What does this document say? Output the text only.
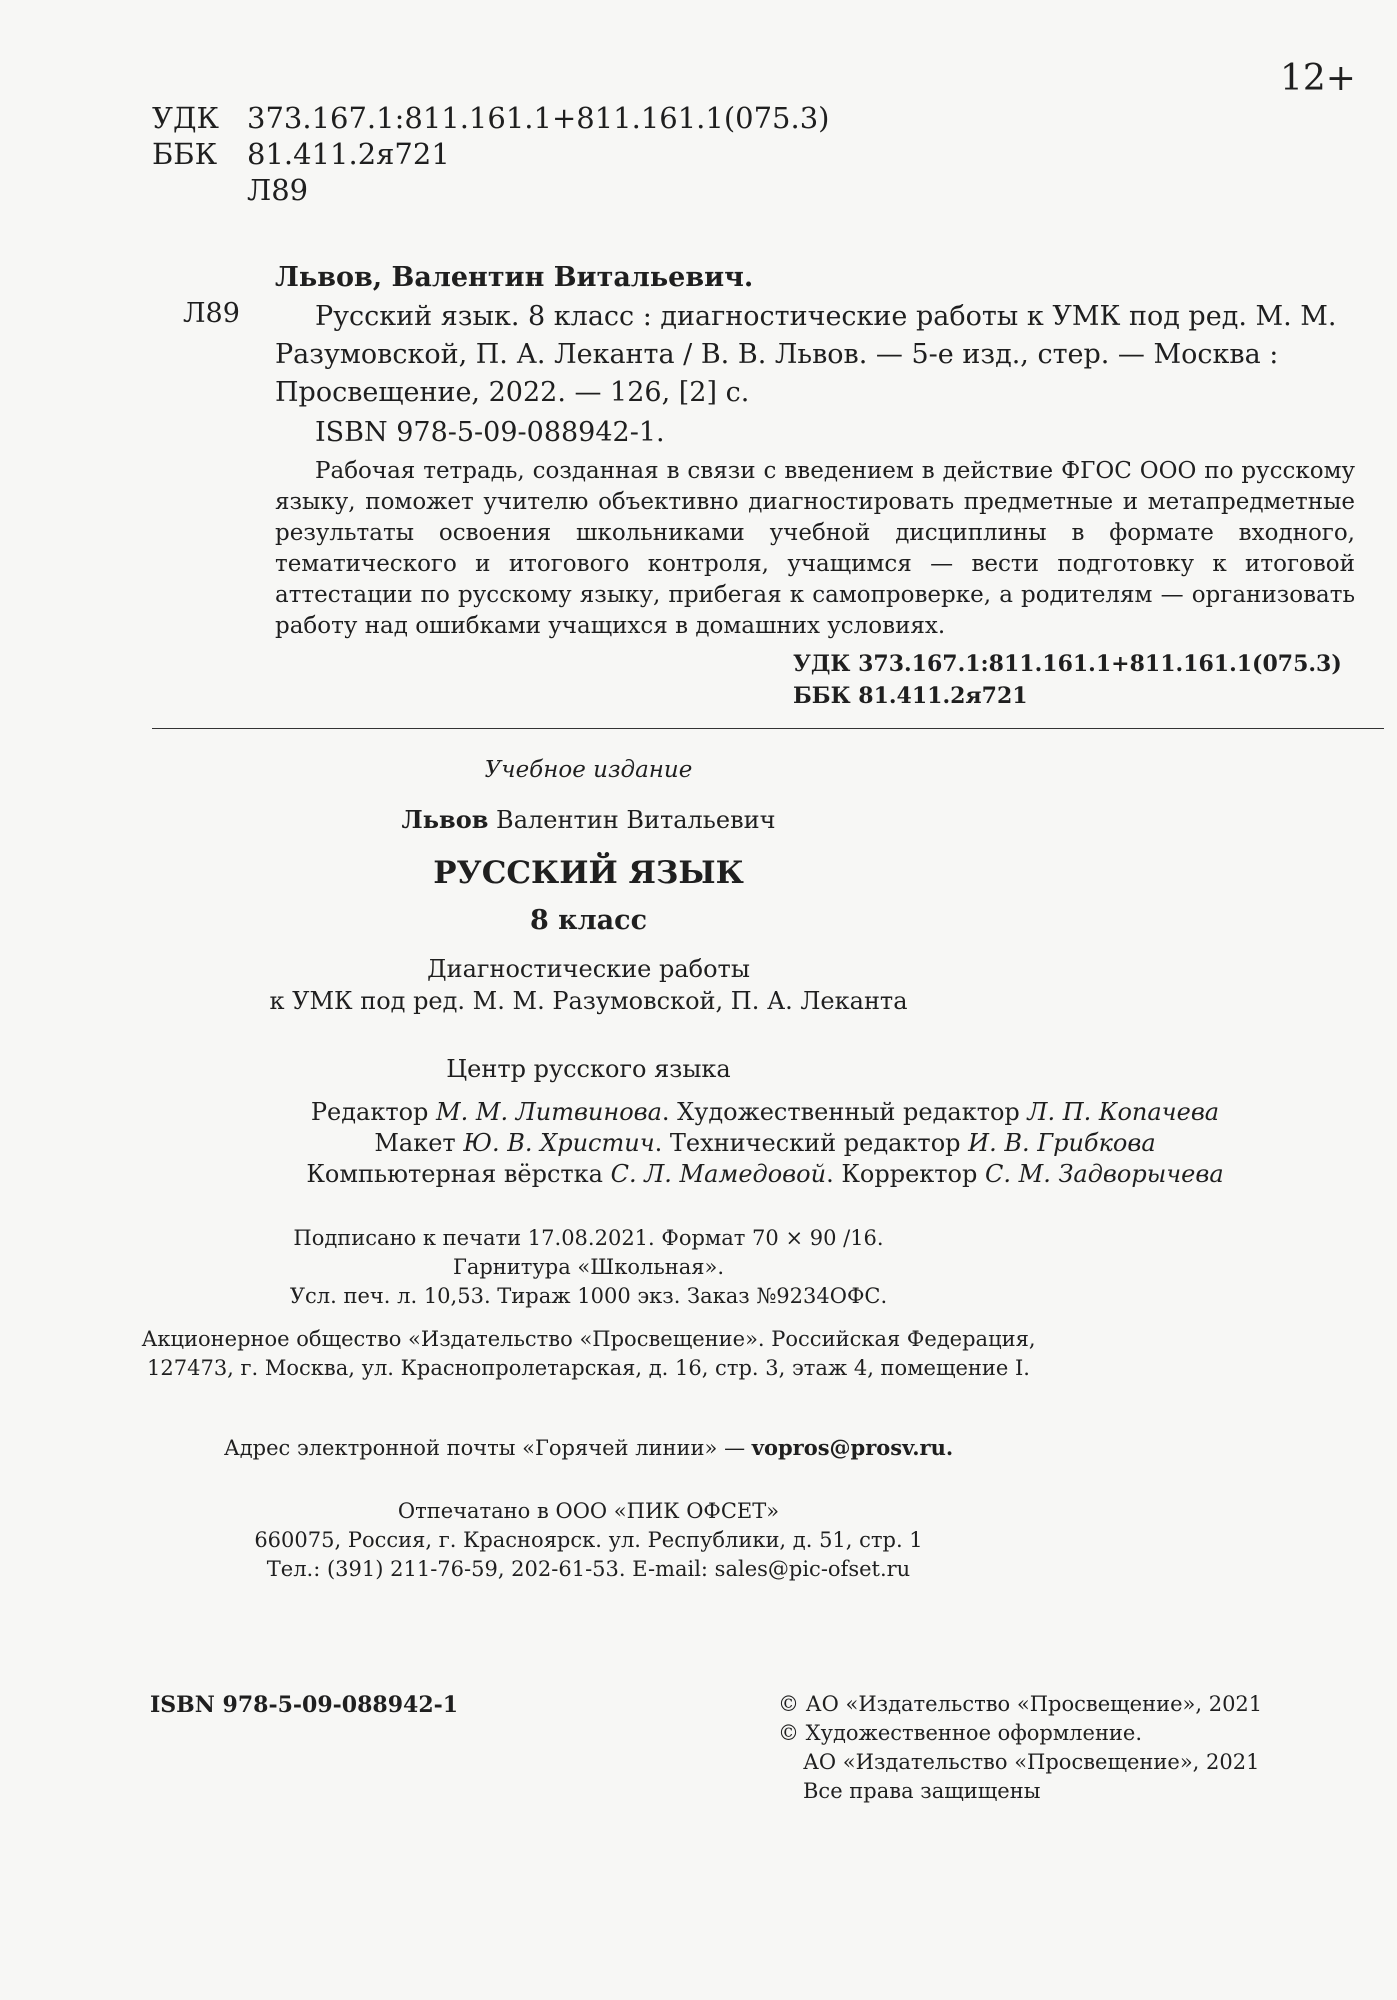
12+
УДК 373.167.1:811.161.1+811.161.1(075.3)
ББК	81.411.2я721
Л89
Львов, Валентин Витальевич.
Л89	Русский язык. 8 класс : диагностические работы к УМК под ред. М. М. Разумовской, П. А. Леканта / В. В. Львов. — 5-е изд., стер. — Москва : Просвещение, 2022. — 126, [2] с.

ISBN 978-5-09-088942-1.

Рабочая тетрадь, созданная в связи с введением в действие ФГОС ООО по русскому языку, поможет учителю объективно диагностировать предметные и метапредметные результаты освоения школьниками учебной дисциплины в формате входного, тематического и итогового контроля, учащимся — вести подготовку к итоговой аттестации по русскому языку, прибегая к самопроверке, а родителям — организовать работу над ошибками учащихся в домашних условиях.

УДК 373.167.1:811.161.1+811.161.1(075.3)
ББК 81.411.2я721
Учебное издание
Львов Валентин Витальевич
РУССКИЙ ЯЗЫК
8 класс
Диагностические работы
к УМК под ред. М. М. Разумовской, П. А. Леканта
Центр русского языка
Редактор М. М. Литвинова. Художественный редактор Л. П. Копачева
Макет Ю. В. Христич. Технический редактор И. В. Грибкова
Компьютерная вёрстка С. Л. Мамедовой. Корректор С. М. Задворычева
Подписано к печати 17.08.2021. Формат 70 × 90 /16.
Гарнитура «Школьная».
Усл. печ. л. 10,53. Тираж 1000 экз. Заказ №9234ОФС.
Акционерное общество «Издательство «Просвещение». Российская Федерация,
127473, г. Москва, ул. Краснопролетарская, д. 16, стр. 3, этаж 4, помещение I.
Адрес электронной почты «Горячей линии» — vopros@prosv.ru.
Отпечатано в ООО «ПИК ОФСЕТ»
660075, Россия, г. Красноярск. ул. Республики, д. 51, стр. 1
Тел.: (391) 211-76-59, 202-61-53. E-mail: sales@pic-ofset.ru
ISBN 978-5-09-088942-1	© АО «Издательство «Просвещение», 2021
© Художественное оформление.
АО «Издательство «Просвещение», 2021
Все права защищены
